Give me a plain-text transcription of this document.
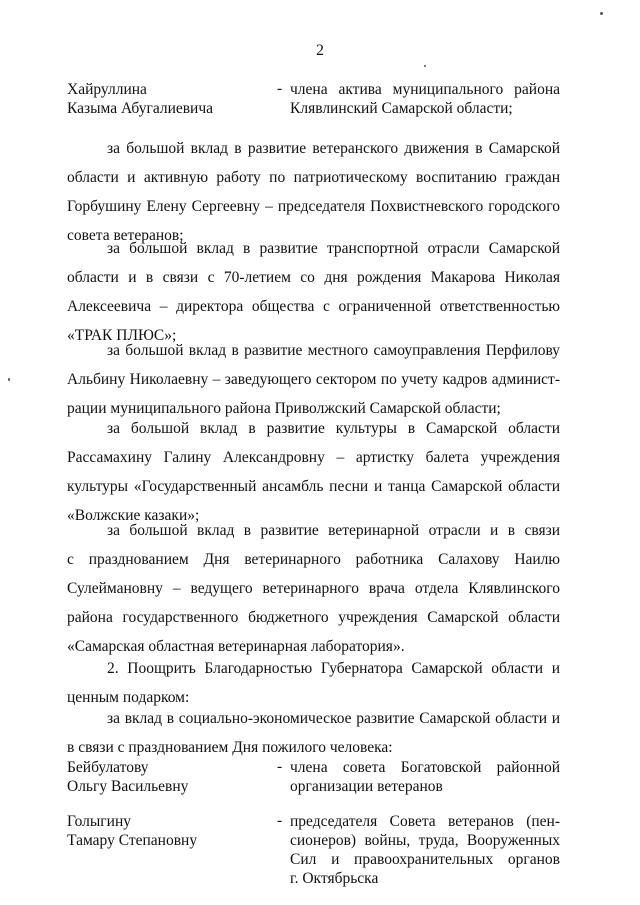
2
Хайруллина
Казыма Абугалиевича
- члена актива муниципального района
Клявлинский Самарской области;
за большой вклад в развитие ветеранского движения в Самарской
области и активную работу по патриотическому воспитанию граждан
Горбушину Елену Сергеевну – председателя Похвистневского городского
совета ветеранов;
за большой вклад в развитие транспортной отрасли Самарской
области и в связи с 70-летием со дня рождения Макарова Николая
Алексеевича – директора общества с ограниченной ответственностью
«ТРАК ПЛЮС»;
за большой вклад в развитие местного самоуправления Перфилову
Альбину Николаевну – заведующего сектором по учету кадров админист-
рации муниципального района Приволжский Самарской области;
за большой вклад в развитие культуры в Самарской области
Рассамахину Галину Александровну – артистку балета учреждения
культуры «Государственный ансамбль песни и танца Самарской области
«Волжские казаки»;
за большой вклад в развитие ветеринарной отрасли и в связи
с празднованием Дня ветеринарного работника Салахову Наилю
Сулеймановну – ведущего ветеринарного врача отдела Клявлинского
района государственного бюджетного учреждения Самарской области
«Самарская областная ветеринарная лаборатория».
2. Поощрить Благодарностью Губернатора Самарской области и
ценным подарком:
за вклад в социально-экономическое развитие Самарской области и
в связи с празднованием Дня пожилого человека:
Бейбулатову
Ольгу Васильевну
- члена совета Богатовской районной
организации ветеранов
Голыгину
Тамару Степановну
- председателя Совета ветеранов (пен-
сионеров) войны, труда, Вооруженных
Сил и правоохранительных органов
г. Октябрьска
